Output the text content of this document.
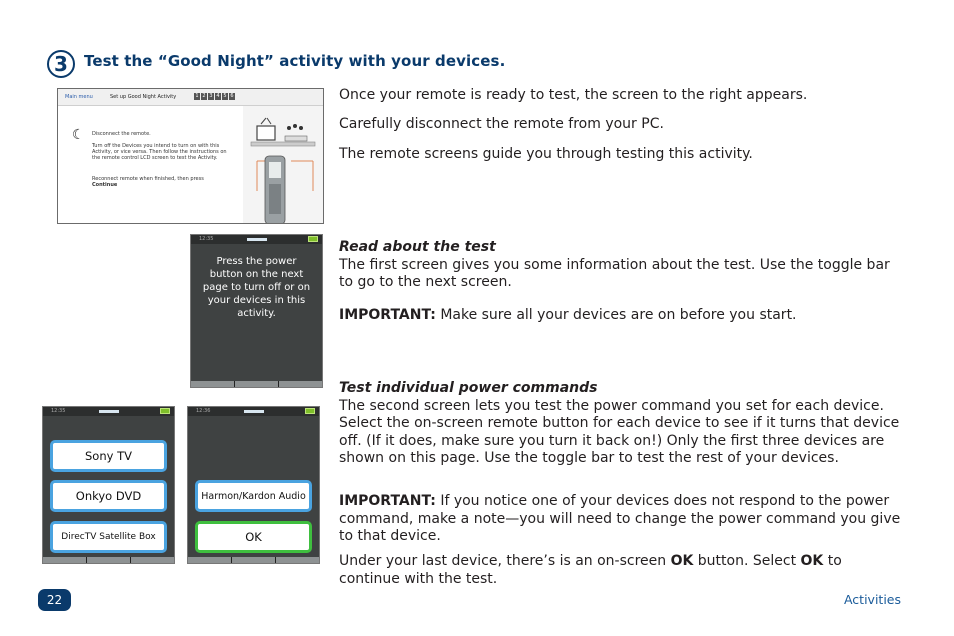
3	Test the “Good Night” activity with your devices.
Main menu	Set up Good Night Activity	1 2 3 4 5 6
☾ Disconnect the remote.
Turn off the Devices you intend to turn on with this Activity, or vice versa. Then follow the instructions on the remote control LCD screen to test the Activity.
Reconnect remote when finished, then press
Continue
Once your remote is ready to test, the screen to the right appears.
Carefully disconnect the remote from your PC.
The remote screens guide you through testing this activity.
Read about the test
The first screen gives you some information about the test. Use the toggle bar to go to the next screen.
IMPORTANT: Make sure all your devices are on before you start.
12:35
Press the power button on the next page to turn off or on your devices in this activity.
12:35
Sony TV
Onkyo DVD
DirecTV Satellite Box
12:36
Harmon/Kardon Audio
OK
Test individual power commands
The second screen lets you test the power command you set for each device. Select the on-screen remote button for each device to see if it turns that device off. (If it does, make sure you turn it back on!) Only the first three devices are shown on this page. Use the toggle bar to test the rest of your devices.
IMPORTANT: If you notice one of your devices does not respond to the power command, make a note—you will need to change the power command you give to that device.
Under your last device, there’s is an on-screen OK button. Select OK to continue with the test.
22	Activities
